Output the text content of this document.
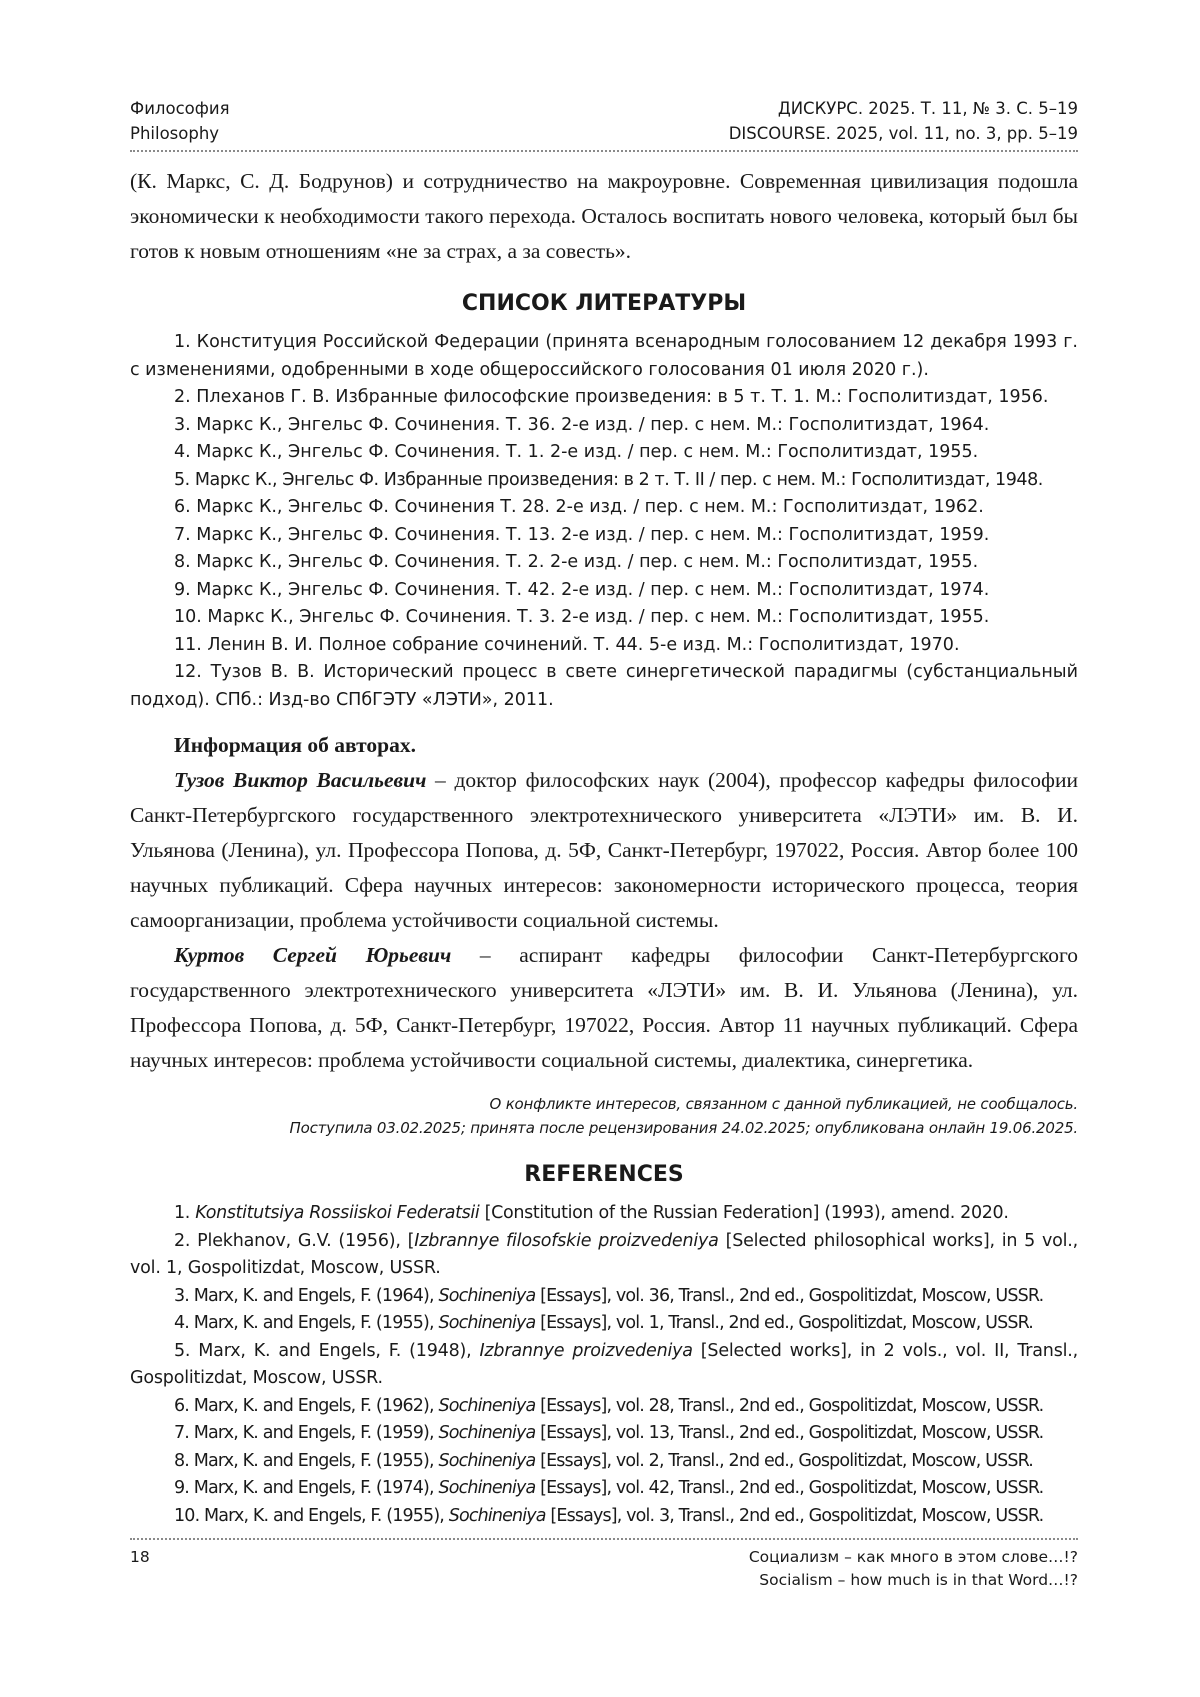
Философия
Philosophy
ДИСКУРС. 2025. Т. 11, № 3. С. 5–19
DISCOURSE. 2025, vol. 11, no. 3, pp. 5–19
(К. Маркс, С. Д. Бодрунов) и сотрудничество на макроуровне. Современная цивилизация подошла экономически к необходимости такого перехода. Осталось воспитать нового человека, который был бы готов к новым отношениям «не за страх, а за совесть».
СПИСОК ЛИТЕРАТУРЫ
1. Конституция Российской Федерации (принята всенародным голосованием 12 декабря 1993 г. с изменениями, одобренными в ходе общероссийского голосования 01 июля 2020 г.).
2. Плеханов Г. В. Избранные философские произведения: в 5 т. Т. 1. М.: Госполитиздат, 1956.
3. Маркс К., Энгельс Ф. Сочинения. Т. 36. 2-е изд. / пер. с нем. М.: Госполитиздат, 1964.
4. Маркс К., Энгельс Ф. Сочинения. Т. 1. 2-е изд. / пер. с нем. М.: Госполитиздат, 1955.
5. Маркс К., Энгельс Ф. Избранные произведения: в 2 т. Т. II / пер. с нем. М.: Госполитиздат, 1948.
6. Маркс К., Энгельс Ф. Сочинения Т. 28. 2-е изд. / пер. с нем. М.: Госполитиздат, 1962.
7. Маркс К., Энгельс Ф. Сочинения. Т. 13. 2-е изд. / пер. с нем. М.: Госполитиздат, 1959.
8. Маркс К., Энгельс Ф. Сочинения. Т. 2. 2-е изд. / пер. с нем. М.: Госполитиздат, 1955.
9. Маркс К., Энгельс Ф. Сочинения. Т. 42. 2-е изд. / пер. с нем. М.: Госполитиздат, 1974.
10. Маркс К., Энгельс Ф. Сочинения. Т. 3. 2-е изд. / пер. с нем. М.: Госполитиздат, 1955.
11. Ленин В. И. Полное собрание сочинений. Т. 44. 5-е изд. М.: Госполитиздат, 1970.
12. Тузов В. В. Исторический процесс в свете синергетической парадигмы (субстанциальный подход). СПб.: Изд-во СПбГЭТУ «ЛЭТИ», 2011.
Информация об авторах.
Тузов Виктор Васильевич – доктор философских наук (2004), профессор кафедры философии Санкт-Петербургского государственного электротехнического университета «ЛЭТИ» им. В. И. Ульянова (Ленина), ул. Профессора Попова, д. 5Ф, Санкт-Петербург, 197022, Россия. Автор более 100 научных публикаций. Сфера научных интересов: закономерности исторического процесса, теория самоорганизации, проблема устойчивости социальной системы.
Куртов Сергей Юрьевич – аспирант кафедры философии Санкт-Петербургского государственного электротехнического университета «ЛЭТИ» им. В. И. Ульянова (Ленина), ул. Профессора Попова, д. 5Ф, Санкт-Петербург, 197022, Россия. Автор 11 научных публикаций. Сфера научных интересов: проблема устойчивости социальной системы, диалектика, синергетика.
О конфликте интересов, связанном с данной публикацией, не сообщалось.
Поступила 03.02.2025; принята после рецензирования 24.02.2025; опубликована онлайн 19.06.2025.
REFERENCES
1. Konstitutsiya Rossiiskoi Federatsii [Constitution of the Russian Federation] (1993), amend. 2020.
2. Plekhanov, G.V. (1956), [Izbrannye filosofskie proizvedeniya [Selected philosophical works], in 5 vol., vol. 1, Gospolitizdat, Moscow, USSR.
3. Marx, K. and Engels, F. (1964), Sochineniya [Essays], vol. 36, Transl., 2nd ed., Gospolitizdat, Moscow, USSR.
4. Marx, K. and Engels, F. (1955), Sochineniya [Essays], vol. 1, Transl., 2nd ed., Gospolitizdat, Moscow, USSR.
5. Marx, K. and Engels, F. (1948), Izbrannye proizvedeniya [Selected works], in 2 vols., vol. II, Transl., Gospolitizdat, Moscow, USSR.
6. Marx, K. and Engels, F. (1962), Sochineniya [Essays], vol. 28, Transl., 2nd ed., Gospolitizdat, Moscow, USSR.
7. Marx, K. and Engels, F. (1959), Sochineniya [Essays], vol. 13, Transl., 2nd ed., Gospolitizdat, Moscow, USSR.
8. Marx, K. and Engels, F. (1955), Sochineniya [Essays], vol. 2, Transl., 2nd ed., Gospolitizdat, Moscow, USSR.
9. Marx, K. and Engels, F. (1974), Sochineniya [Essays], vol. 42, Transl., 2nd ed., Gospolitizdat, Moscow, USSR.
10. Marx, K. and Engels, F. (1955), Sochineniya [Essays], vol. 3, Transl., 2nd ed., Gospolitizdat, Moscow, USSR.
18	Социализм – как много в этом слове…!?
Socialism – how much is in that Word…!?
